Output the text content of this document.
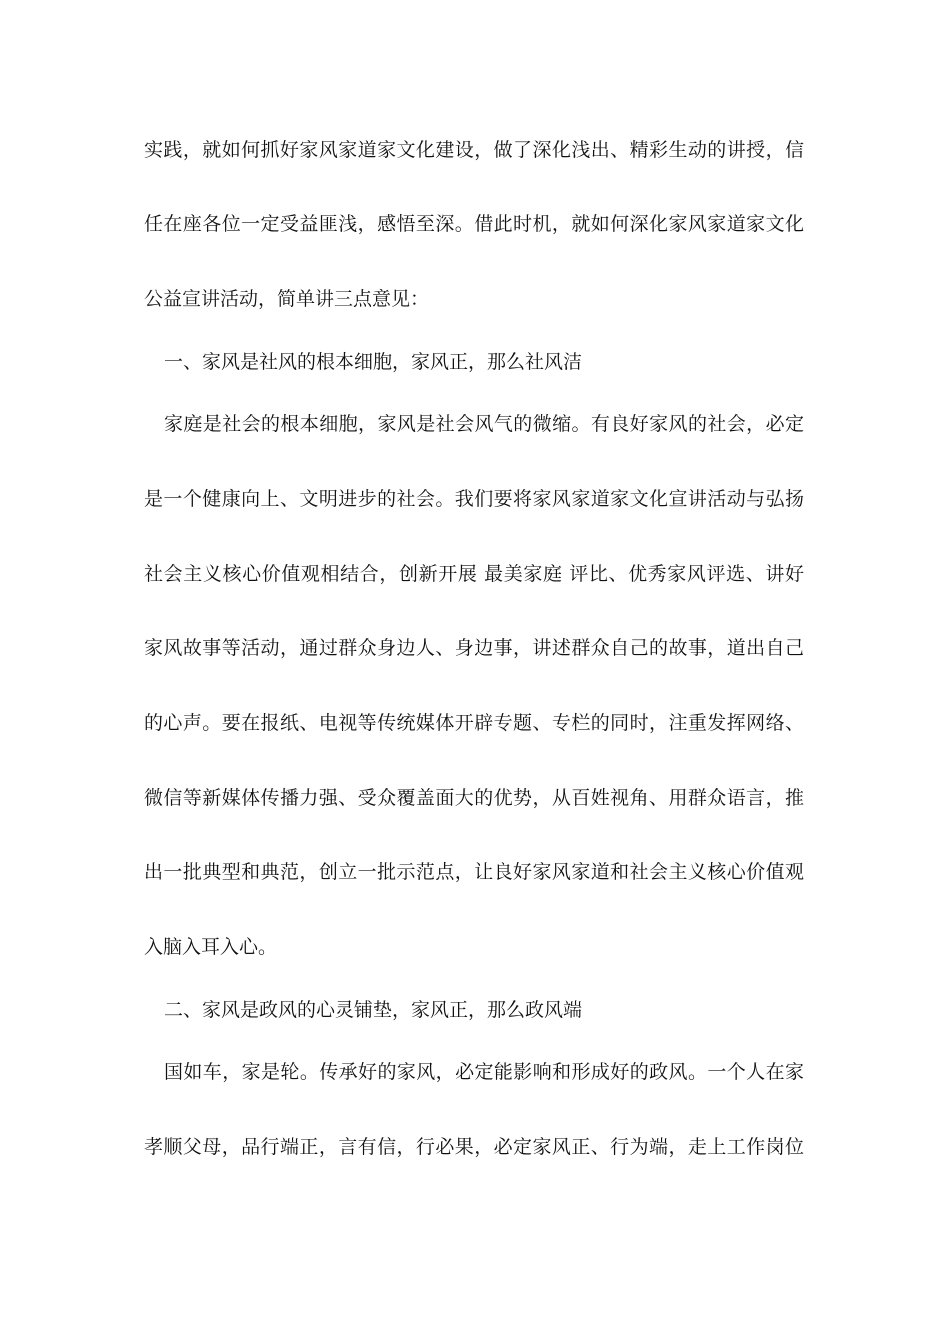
实践，就如何抓好家风家道家文化建设，做了深化浅出、精彩生动的讲授，信
任在座各位一定受益匪浅，感悟至深。借此时机，就如何深化家风家道家文化
公益宣讲活动，简单讲三点意见：
一、家风是社风的根本细胞，家风正，那么社风洁
家庭是社会的根本细胞，家风是社会风气的微缩。有良好家风的社会，必定
是一个健康向上、文明进步的社会。我们要将家风家道家文化宣讲活动与弘扬
社会主义核心价值观相结合，创新开展 最美家庭 评比、优秀家风评选、讲好
家风故事等活动，通过群众身边人、身边事，讲述群众自己的故事，道出自己
的心声。要在报纸、电视等传统媒体开辟专题、专栏的同时，注重发挥网络、
微信等新媒体传播力强、受众覆盖面大的优势，从百姓视角、用群众语言，推
出一批典型和典范，创立一批示范点，让良好家风家道和社会主义核心价值观
入脑入耳入心。
二、家风是政风的心灵铺垫，家风正，那么政风端
国如车，家是轮。传承好的家风，必定能影响和形成好的政风。一个人在家
孝顺父母，品行端正，言有信，行必果，必定家风正、行为端，走上工作岗位
